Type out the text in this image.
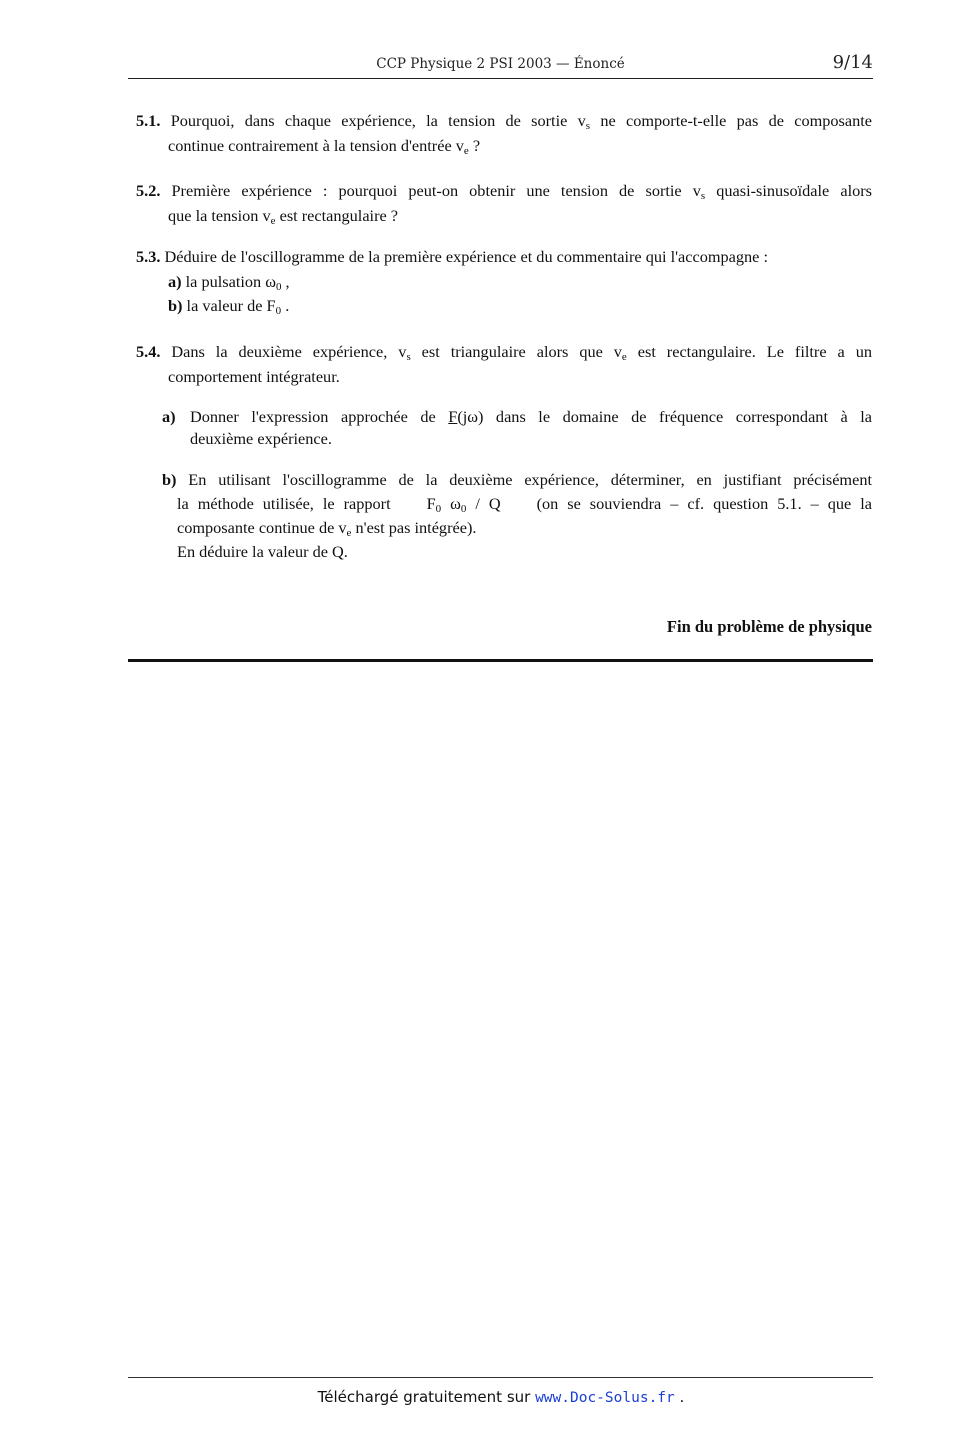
CCP Physique 2 PSI 2003 — Énoncé	9/14
5.1. Pourquoi, dans chaque expérience, la tension de sortie $v_s$ ne comporte-t-elle pas de composante
continue contrairement à la tension d'entrée $v_e$ ?
5.2. Première expérience : pourquoi peut-on obtenir une tension de sortie $v_s$ quasi-sinusoïdale alors
que la tension $v_e$ est rectangulaire ?
5.3. Déduire de l'oscillogramme de la première expérience et du commentaire qui l'accompagne :
a) la pulsation $\omega_0$ ,
b) la valeur de $F_0$ .
5.4. Dans la deuxième expérience, $v_s$ est triangulaire alors que $v_e$ est rectangulaire. Le filtre a un
comportement intégrateur.
a) Donner l'expression approchée de F(jω) dans le domaine de fréquence correspondant à la
deuxième expérience.
b) En utilisant l'oscillogramme de la deuxième expérience, déterminer, en justifiant précisément
la méthode utilisée, le rapport    $F_0$ $\omega_0$ / Q    (on se souviendra – cf. question 5.1. – que la
composante continue de $v_e$ n'est pas intégrée).
En déduire la valeur de Q.
Fin du problème de physique
Téléchargé gratuitement sur www.Doc-Solus.fr .
